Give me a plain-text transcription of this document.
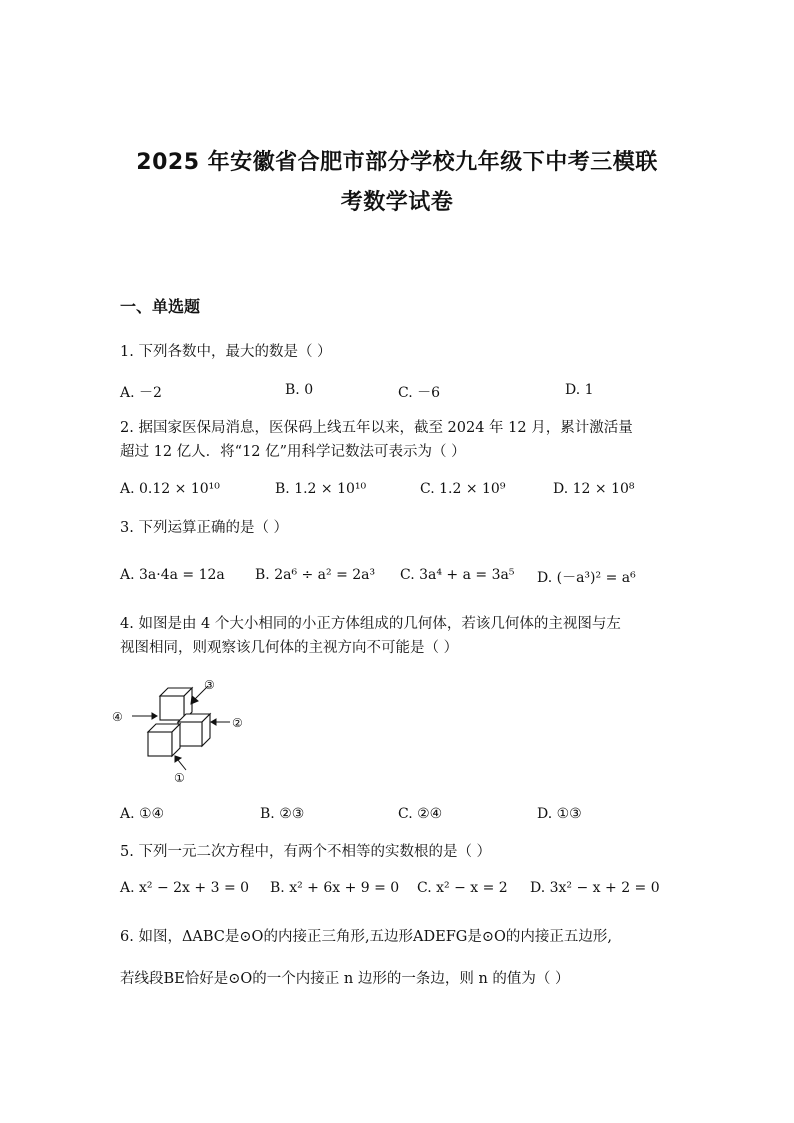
2025 年安徽省合肥市部分学校九年级下中考三模联
考数学试卷
一、单选题
1. 下列各数中，最大的数是（ ）
A. －2	B. 0	C. －6	D. 1
2. 据国家医保局消息，医保码上线五年以来，截至 2024 年 12 月，累计激活量
超过 12 亿人．将“12 亿”用科学记数法可表示为（ ）
A. 0.12 × 10¹⁰	B. 1.2 × 10¹⁰	C. 1.2 × 10⁹	D. 12 × 10⁸
3. 下列运算正确的是（ ）
A. 3a·4a = 12a B. 2a⁶ ÷ a² = 2a³ C. 3a⁴ + a = 3a⁵ D. (－a³)² = a⁶
4. 如图是由 4 个大小相同的小正方体组成的几何体，若该几何体的主视图与左
视图相同，则观察该几何体的主视方向不可能是（ ）
④	②
③
①
A. ①④	B. ②③	C. ②④	D. ①③
5. 下列一元二次方程中，有两个不相等的实数根的是（ ）
A. x² − 2x + 3 = 0 B. x² + 6x + 9 = 0 C. x² − x = 2 D. 3x² − x + 2 = 0
6. 如图，ΔABC是⊙O的内接正三角形,五边形ADEFG是⊙O的内接正五边形,
若线段BE恰好是⊙O的一个内接正 n 边形的一条边，则 n 的值为（ ）
